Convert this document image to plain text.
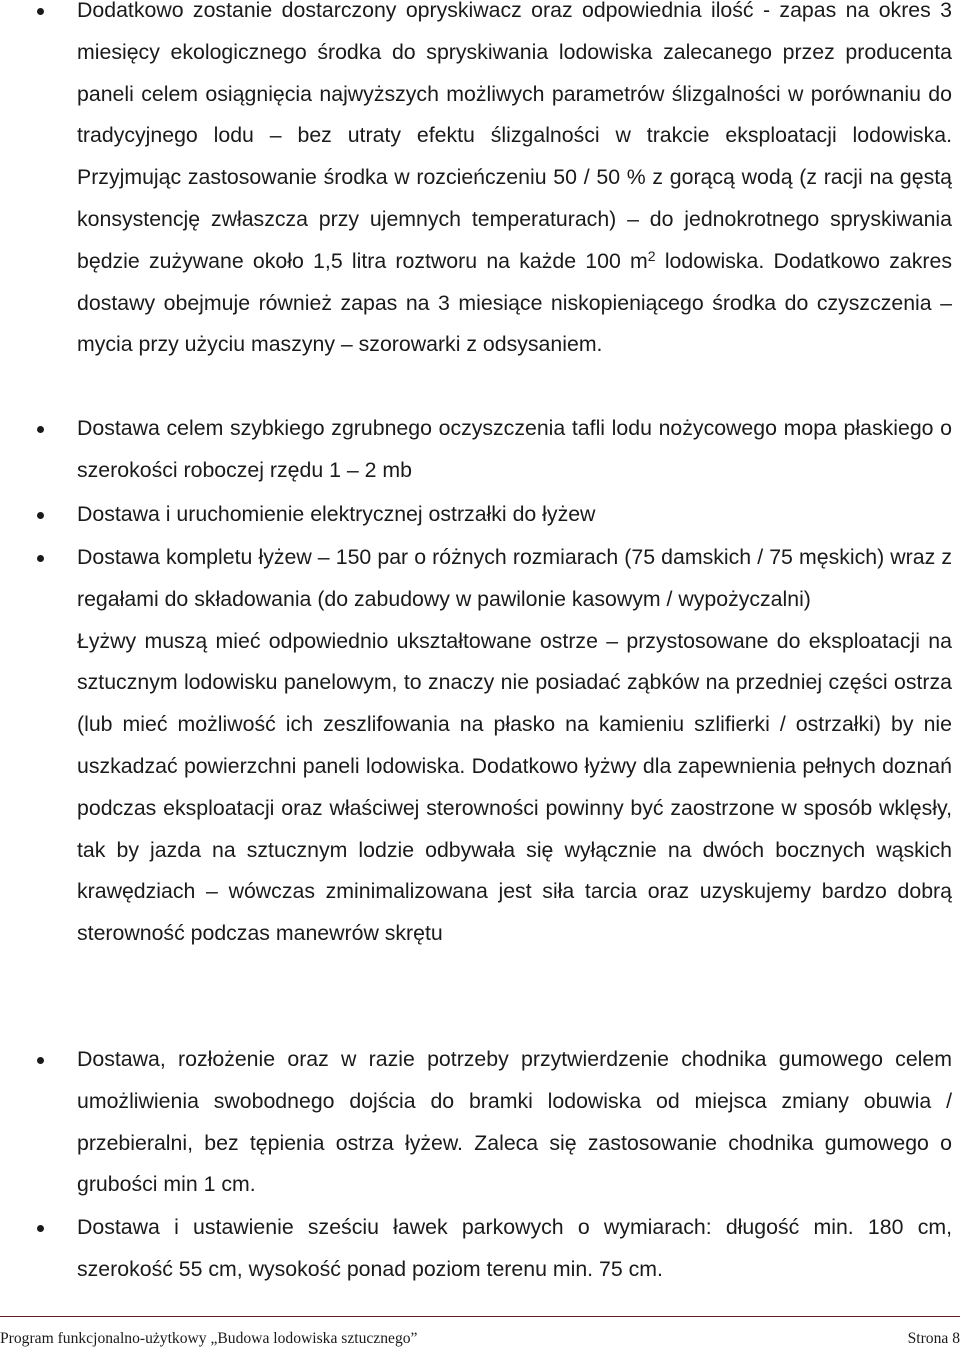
Dodatkowo zostanie dostarczony opryskiwacz oraz odpowiednia ilość - zapas na okres 3 miesięcy ekologicznego środka do spryskiwania lodowiska zalecanego przez producenta paneli celem osiągnięcia najwyższych możliwych parametrów ślizgalności w porównaniu do tradycyjnego lodu – bez utraty efektu ślizgalności w trakcie eksploatacji lodowiska. Przyjmując zastosowanie środka w rozcieńczeniu 50 / 50 % z gorącą wodą (z racji na gęstą konsystencję zwłaszcza przy ujemnych temperaturach) – do jednokrotnego spryskiwania będzie zużywane około 1,5 litra roztworu na każde 100 $m^2$ lodowiska. Dodatkowo zakres dostawy obejmuje również zapas na 3 miesiące niskopieniącego środka do czyszczenia – mycia przy użyciu maszyny – szorowarki z odsysaniem.

Dostawa celem szybkiego zgrubnego oczyszczenia tafli lodu nożycowego mopa płaskiego o szerokości roboczej rzędu 1 – 2 mb

Dostawa i uruchomienie elektrycznej ostrzałki do łyżew

Dostawa kompletu łyżew – 150 par o różnych rozmiarach (75 damskich / 75 męskich) wraz z regałami do składowania (do zabudowy w pawilonie kasowym / wypożyczalni)

Łyżwy muszą mieć odpowiednio ukształtowane ostrze – przystosowane do eksploatacji na sztucznym lodowisku panelowym, to znaczy nie posiadać ząbków na przedniej części ostrza (lub mieć możliwość ich zeszlifowania na płasko na kamieniu szlifierki / ostrzałki) by nie uszkadzać powierzchni paneli lodowiska. Dodatkowo łyżwy dla zapewnienia pełnych doznań podczas eksploatacji oraz właściwej sterowności powinny być zaostrzone w sposób wklęsły, tak by jazda na sztucznym lodzie odbywała się wyłącznie na dwóch bocznych wąskich krawędziach – wówczas zminimalizowana jest siła tarcia oraz uzyskujemy bardzo dobrą sterowność podczas manewrów skrętu

Dostawa, rozłożenie oraz w razie potrzeby przytwierdzenie chodnika gumowego celem umożliwienia swobodnego dojścia do bramki lodowiska od miejsca zmiany obuwia / przebieralni, bez tępienia ostrza łyżew. Zaleca się zastosowanie chodnika gumowego o grubości min 1 cm.

Dostawa i ustawienie sześciu ławek parkowych o wymiarach: długość min. 180 cm, szerokość 55 cm, wysokość ponad poziom terenu min. 75 cm.

Program funkcjonalno-użytkowy „Budowa lodowiska sztucznego”	Strona 8
